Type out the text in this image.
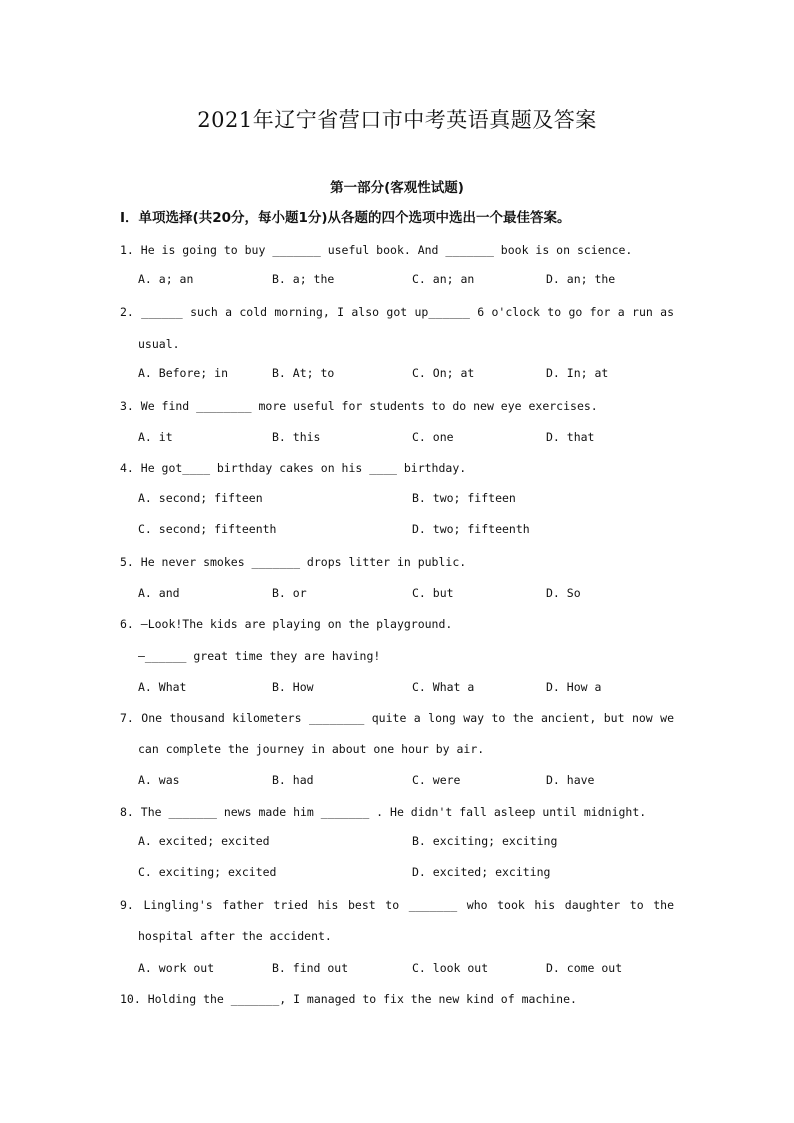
2021年辽宁省营口市中考英语真题及答案
第一部分(客观性试题)
Ⅰ．单项选择(共20分，每小题1分)从各题的四个选项中选出一个最佳答案。
1. He is going to buy _______ useful book. And _______ book is on science.
A. a; an	B. a; the	C. an; an	D. an; the
2. ______ such a cold morning, I also got up______ 6 o'clock to go for a run as
usual.
A. Before; in	B. At; to	C. On; at	D. In; at
3. We find ________ more useful for students to do new eye exercises.
A. it	B. this	C. one	D. that
4. He got____ birthday cakes on his ____ birthday.
A. second; fifteen	B. two; fifteen
C. second; fifteenth	D. two; fifteenth
5. He never smokes _______ drops litter in public.
A. and	B. or	C. but	D. So
6. —Look!The kids are playing on the playground.
—______ great time they are having!
A. What	B. How	C. What a	D. How a
7. One thousand kilometers ________ quite a long way to the ancient, but now we
can complete the journey in about one hour by air.
A. was	B. had	C. were	D. have
8. The _______ news made him _______ . He didn't fall asleep until midnight.
A. excited; excited	B. exciting; exciting
C. exciting; excited	D. excited; exciting
9. Lingling's father tried his best to _______ who took his daughter to the
hospital after the accident.
A. work out	B. find out	C. look out	D. come out
10. Holding the _______, I managed to fix the new kind of machine.
